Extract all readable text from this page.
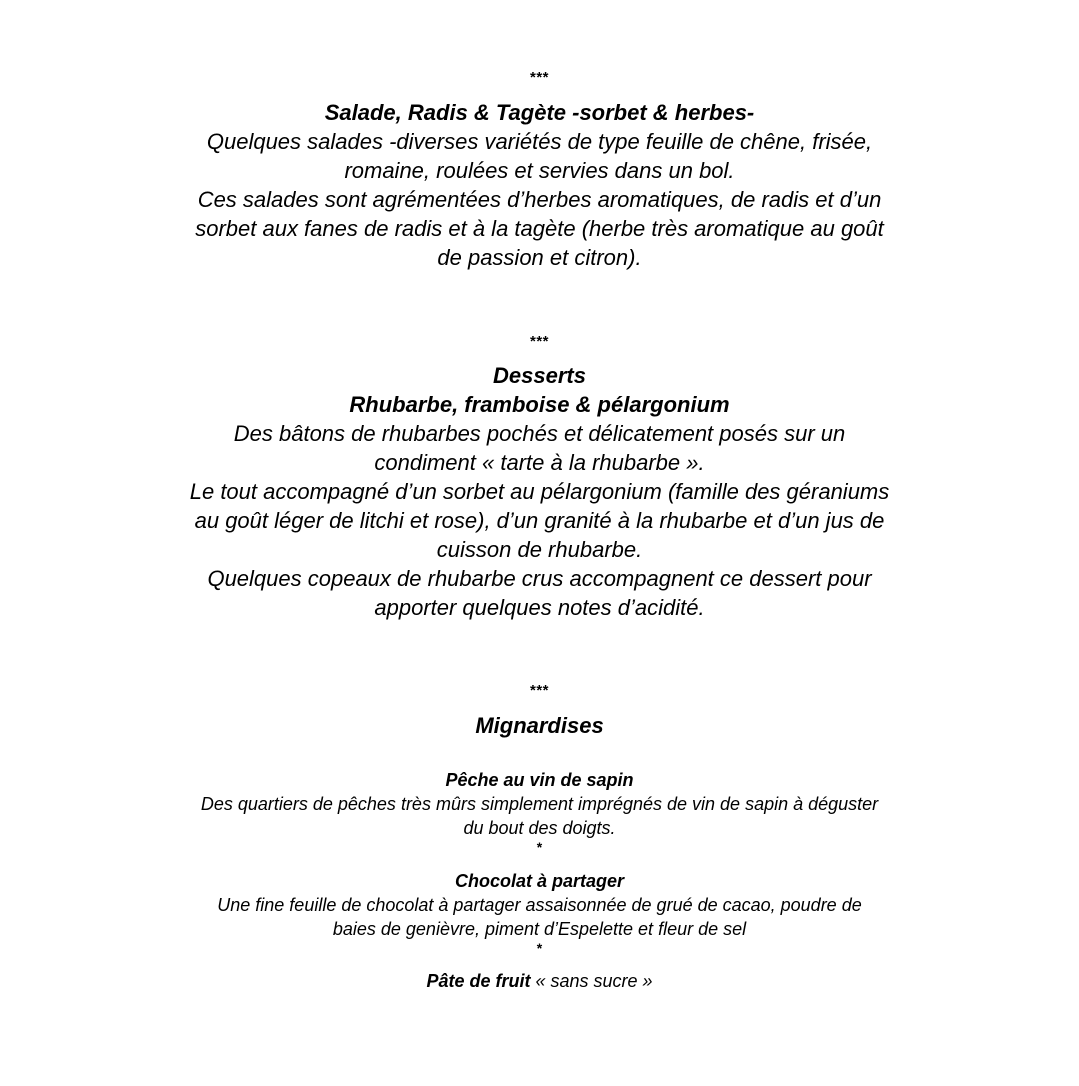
***
Salade, Radis & Tagète -sorbet & herbes-
Quelques salades -diverses variétés de type feuille de chêne, frisée,
romaine, roulées et servies dans un bol.
Ces salades sont agrémentées d’herbes aromatiques, de radis et d’un
sorbet aux fanes de radis et à la tagète (herbe très aromatique au goût
de passion et citron).
***
Desserts
Rhubarbe, framboise & pélargonium
Des bâtons de rhubarbes pochés et délicatement posés sur un
condiment « tarte à la rhubarbe ».
Le tout accompagné d’un sorbet au pélargonium (famille des géraniums
au goût léger de litchi et rose), d’un granité à la rhubarbe et d’un jus de
cuisson de rhubarbe.
Quelques copeaux de rhubarbe crus accompagnent ce dessert pour
apporter quelques notes d’acidité.
***
Mignardises
Pêche au vin de sapin
Des quartiers de pêches très mûrs simplement imprégnés de vin de sapin à déguster
du bout des doigts.
*
Chocolat à partager
Une fine feuille de chocolat à partager assaisonnée de grué de cacao, poudre de
baies de genièvre, piment d’Espelette et fleur de sel
*
Pâte de fruit « sans sucre »
